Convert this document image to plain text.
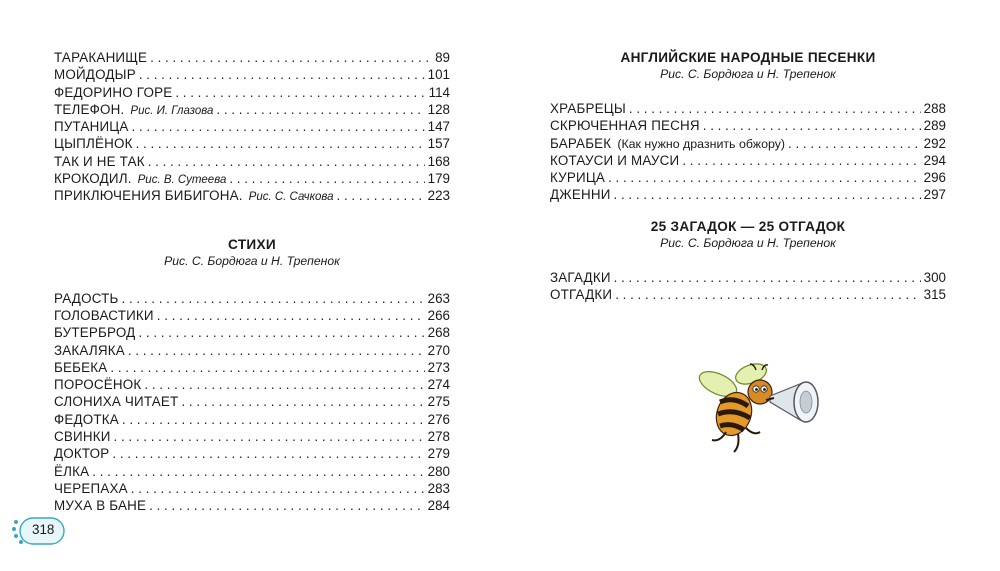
ТАРАКАНИЩЕ . . .	89
МОЙДОДЫР . . .	101
ФЕДОРИНО ГОРЕ . . .	114
ТЕЛЕФОН. Рис. И. Глазова . . .	128
ПУТАНИЦА . . .	147
ЦЫПЛЁНОК . . .	157
ТАК И НЕ ТАК . . .	168
КРОКОДИЛ. Рис. В. Сутеева . . .	179
ПРИКЛЮЧЕНИЯ БИБИГОНА. Рис. С. Сачкова . . .	223
СТИХИ
Рис. С. Бордюга и Н. Трепенок
РАДОСТЬ . . .	263
ГОЛОВАСТИКИ . . .	266
БУТЕРБРОД . . .	268
ЗАКАЛЯКА . . .	270
БЕБЕКА . . .	273
ПОРОСЁНОК . . .	274
СЛОНИХА ЧИТАЕТ . . .	275
ФЕДОТКА . . .	276
СВИНКИ . . .	278
ДОКТОР . . .	279
ЁЛКА . . .	280
ЧЕРЕПАХА . . .	283
МУХА В БАНЕ . . .	284
АНГЛИЙСКИЕ НАРОДНЫЕ ПЕСЕНКИ
Рис. С. Бордюга и Н. Трепенок
ХРАБРЕЦЫ . . .	288
СКРЮЧЕННАЯ ПЕСНЯ . . .	289
БАРАБЕК (Как нужно дразнить обжору) . . .	292
КОТАУСИ И МАУСИ . . .	294
КУРИЦА . . .	296
ДЖЕННИ . . .	297
25 ЗАГАДОК — 25 ОТГАДОК
Рис. С. Бордюга и Н. Трепенок
ЗАГАДКИ . . .	300
ОТГАДКИ . . .	315
318
